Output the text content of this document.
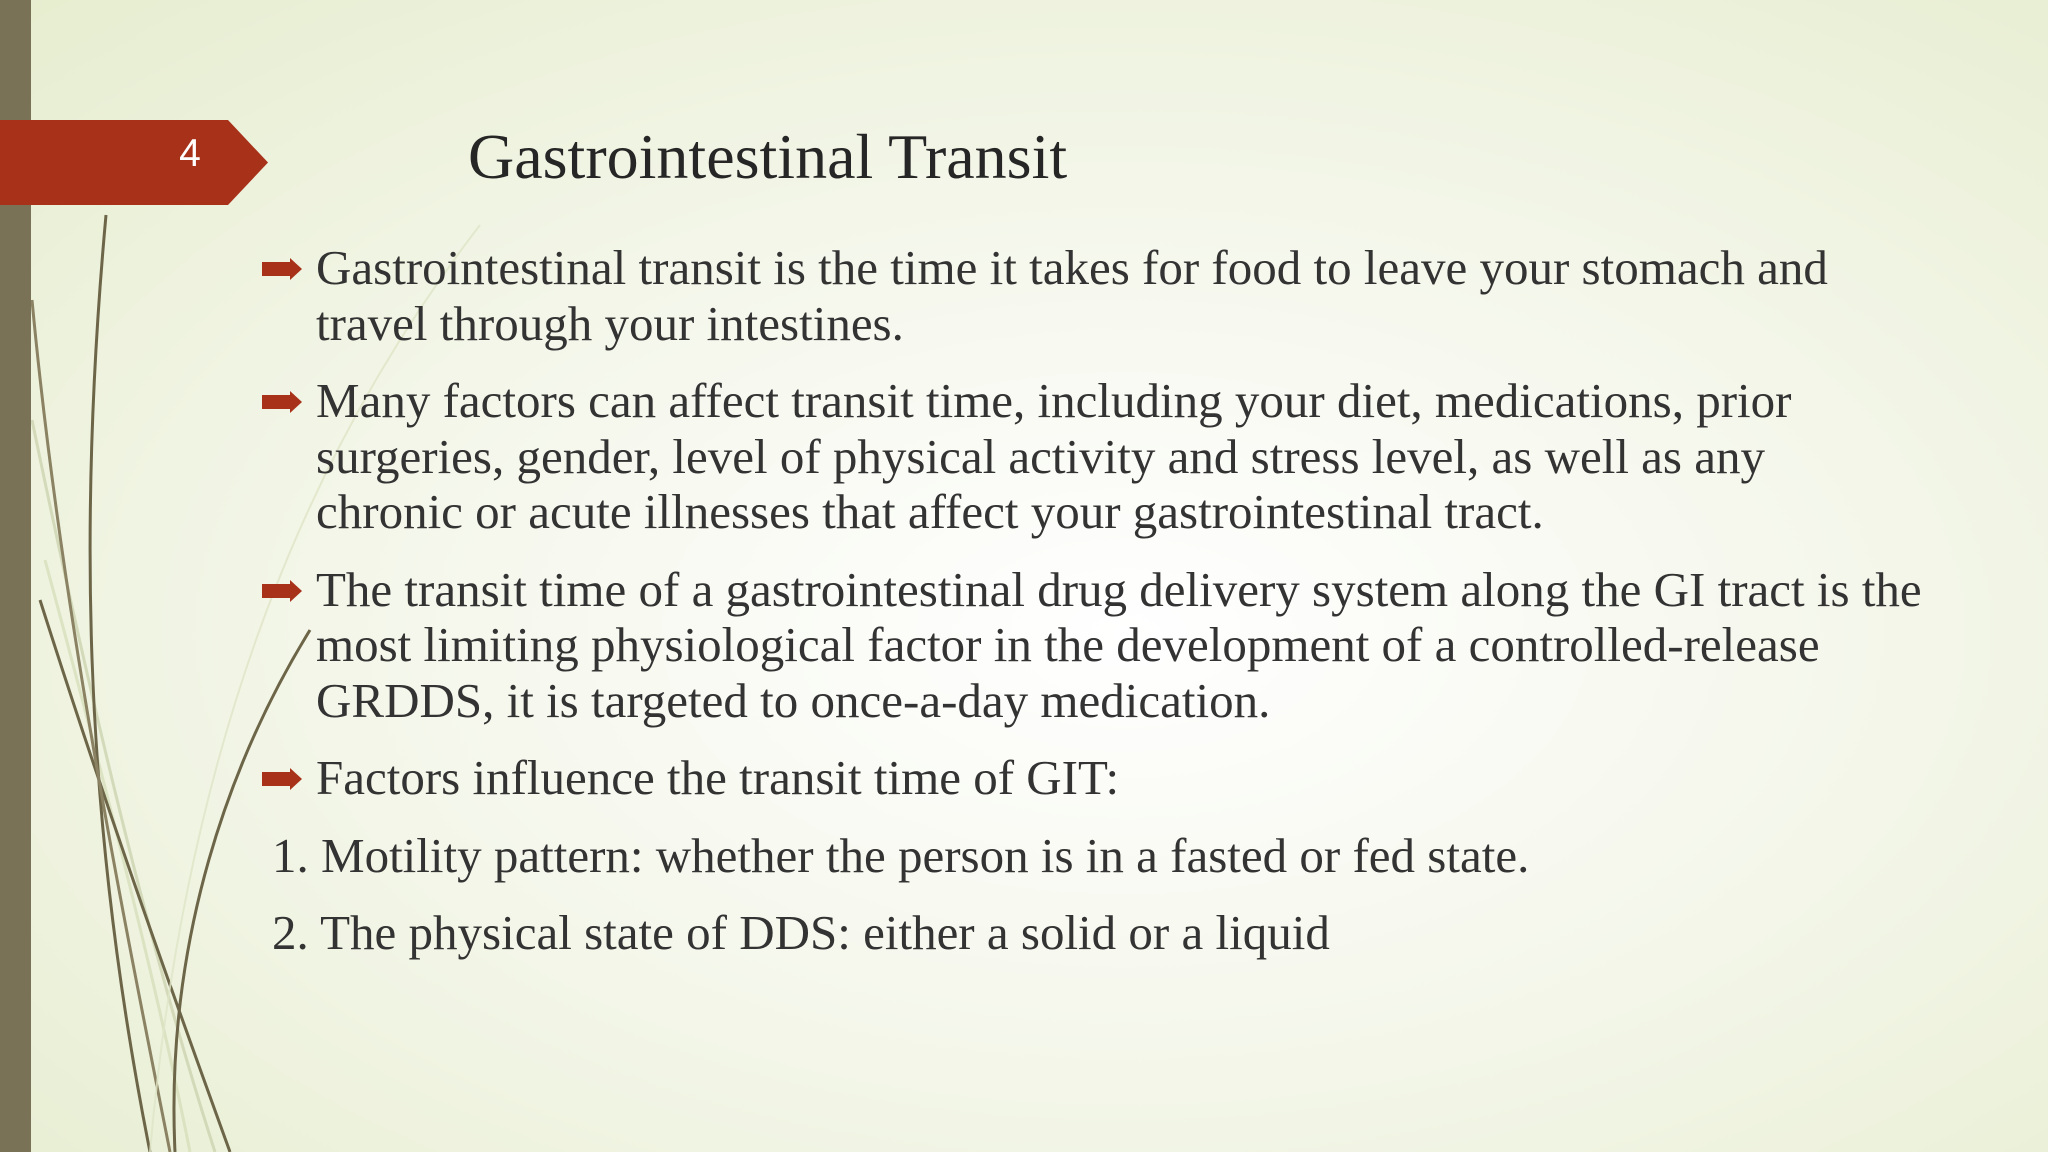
4	Gastrointestinal Transit
Gastrointestinal transit is the time it takes for food to leave your stomach and travel through your intestines.
Many factors can affect transit time, including your diet, medications, prior surgeries, gender, level of physical activity and stress level, as well as any chronic or acute illnesses that affect your gastrointestinal tract.
The transit time of a gastrointestinal drug delivery system along the GI tract is the most limiting physiological factor in the development of a controlled-release GRDDS, it is targeted to once-a-day medication.
Factors influence the transit time of GIT:
1. Motility pattern: whether the person is in a fasted or fed state.
2. The physical state of DDS: either a solid or a liquid
